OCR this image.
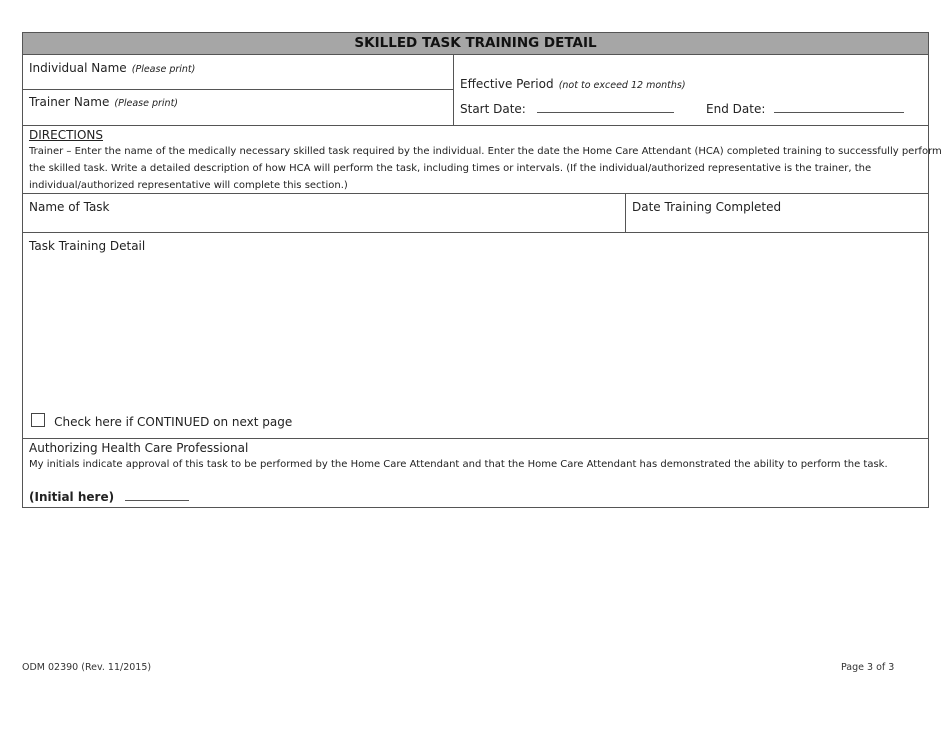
SKILLED TASK TRAINING DETAIL
Individual Name (Please print)
Trainer Name (Please print)
Effective Period (not to exceed 12 months)
Start Date:	End Date:
DIRECTIONS
Trainer – Enter the name of the medically necessary skilled task required by the individual. Enter the date the Home Care Attendant (HCA) completed training to successfully perform
the skilled task. Write a detailed description of how HCA will perform the task, including times or intervals. (If the individual/authorized representative is the trainer, the
individual/authorized representative will complete this section.)
Name of Task	Date Training Completed
Task Training Detail
Check here if CONTINUED on next page
Authorizing Health Care Professional
My initials indicate approval of this task to be performed by the Home Care Attendant and that the Home Care Attendant has demonstrated the ability to perform the task.
(Initial here)
ODM 02390 (Rev. 11/2015)	Page 3 of 3
